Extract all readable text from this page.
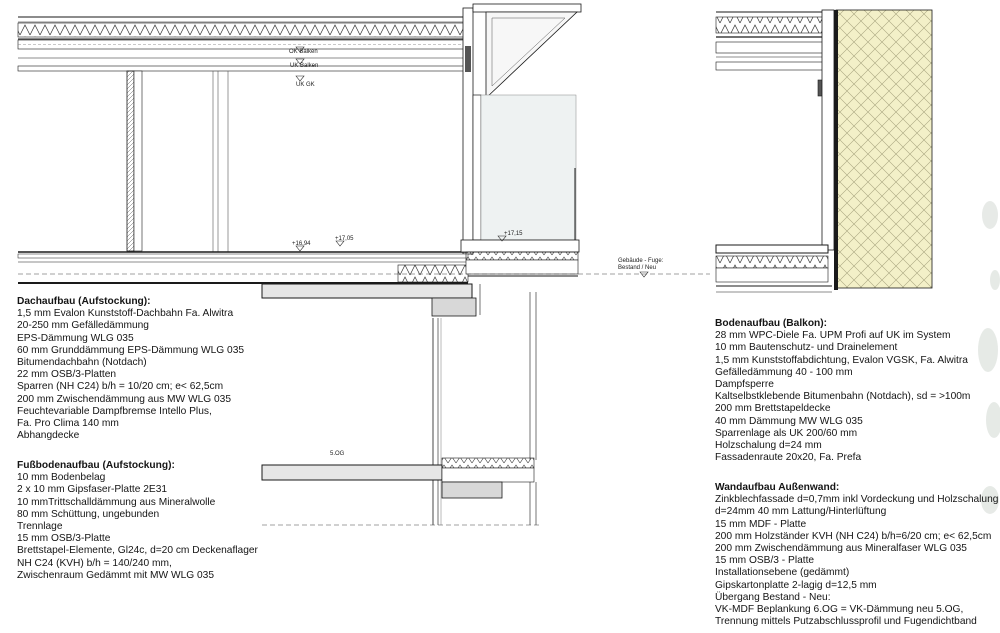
OK Balken
UK Balken
UK GK
+16,94
+17,05
+17,15
Gebäude - Fuge:
Bestand / Neu
5.OG
Dachaufbau (Aufstockung):
1,5 mm Evalon Kunststoff-Dachbahn Fa. Alwitra
20-250 mm Gefälledämmung
EPS-Dämmung WLG 035
60 mm Grunddämmung EPS-Dämmung WLG 035
Bitumendachbahn (Notdach)
22 mm OSB/3-Platten
Sparren (NH C24) b/h = 10/20 cm; e< 62,5cm
200 mm Zwischendämmung aus MW WLG 035
Feuchtevariable Dampfbremse Intello Plus,
Fa. Pro Clima 140 mm
Abhangdecke
Fußbodenaufbau (Aufstockung):
10 mm Bodenbelag
2 x 10 mm Gipsfaser-Platte 2E31
10 mmTrittschalldämmung aus Mineralwolle
80 mm Schüttung, ungebunden
Trennlage
15 mm OSB/3-Platte
Brettstapel-Elemente, Gl24c, d=20 cm Deckenaflager
NH C24 (KVH) b/h = 140/240 mm,
Zwischenraum Gedämmt mit MW WLG 035
Bodenaufbau (Balkon):
28 mm WPC-Diele Fa. UPM Profi auf UK im System
10 mm Bautenschutz- und Drainelement
1,5 mm Kunststoffabdichtung, Evalon VGSK, Fa. Alwitra
Gefälledämmung 40 - 100 mm
Dampfsperre
Kaltselbstklebende Bitumenbahn (Notdach), sd = >100m
200 mm Brettstapeldecke
40 mm Dämmung MW WLG 035
Sparrenlage als UK 200/60 mm
Holzschalung d=24 mm
Fassadenraute 20x20, Fa. Prefa
Wandaufbau Außenwand:
Zinkblechfassade d=0,7mm inkl Vordeckung und Holzschalung
d=24mm 40 mm Lattung/Hinterlüftung
15 mm MDF - Platte
200 mm Holzständer KVH (NH C24) b/h=6/20 cm; e< 62,5cm
200 mm Zwischendämmung aus Mineralfaser WLG 035
15 mm OSB/3 - Platte
Installationsebene (gedämmt)
Gipskartonplatte 2-lagig d=12,5 mm
Übergang Bestand - Neu:
VK-MDF Beplankung 6.OG = VK-Dämmung neu 5.OG,
Trennung mittels Putzabschlussprofil und Fugendichtband
